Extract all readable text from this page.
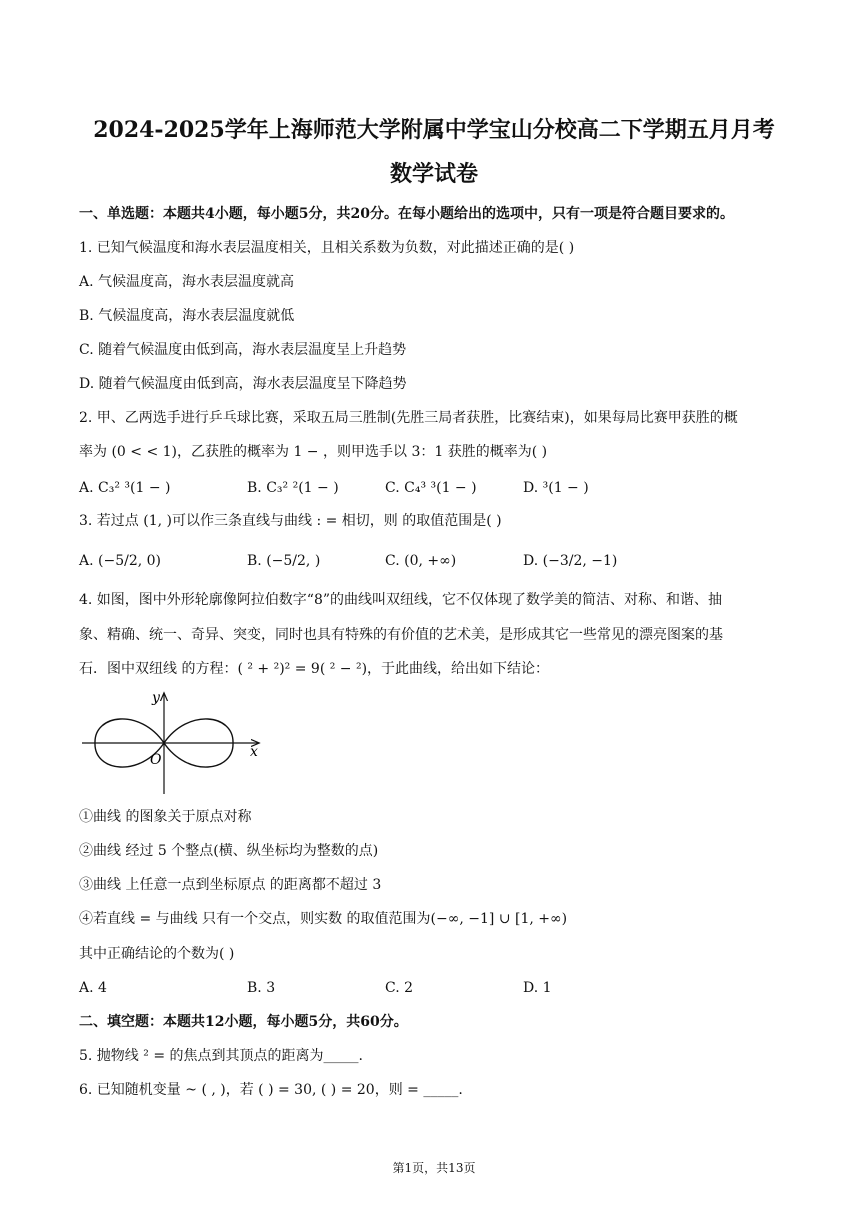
2024-2025学年上海师范大学附属中学宝山分校高二下学期五月月考
数学试卷
一、单选题：本题共4小题，每小题5分，共20分。在每小题给出的选项中，只有一项是符合题目要求的。
1. 已知气候温度和海水表层温度相关，且相关系数为负数，对此描述正确的是( )
A. 气候温度高，海水表层温度就高
B. 气候温度高，海水表层温度就低
C. 随着气候温度由低到高，海水表层温度呈上升趋势
D. 随着气候温度由低到高，海水表层温度呈下降趋势
2. 甲、乙两选手进行乒乓球比赛，采取五局三胜制(先胜三局者获胜，比赛结束)，如果每局比赛甲获胜的概
率为 (0 < < 1)，乙获胜的概率为 1 − ，则甲选手以 3：1 获胜的概率为( )
A. C₃² ³(1 − )	B. C₃² ²(1 − )	C. C₄³ ³(1 − )	D. ³(1 − )
3. 若过点 (1, )可以作三条直线与曲线 : = 相切，则 的取值范围是( )
A. (−5/2, 0)	B. (−5/2, )	C. (0, +∞)	D. (−3/2, −1)
4. 如图，图中外形轮廓像阿拉伯数字“8”的曲线叫双纽线，它不仅体现了数学美的简洁、对称、和谐、抽
象、精确、统一、奇异、突变，同时也具有特殊的有价值的艺术美，是形成其它一些常见的漂亮图案的基
石．图中双纽线 的方程：( ² + ²)² = 9( ² − ²)，于此曲线，给出如下结论：
y
x
O
①曲线 的图象关于原点对称
②曲线 经过 5 个整点(横、纵坐标均为整数的点)
③曲线 上任意一点到坐标原点 的距离都不超过 3
④若直线 = 与曲线 只有一个交点，则实数 的取值范围为(−∞, −1] ∪ [1, +∞)
其中正确结论的个数为( )
A. 4	B. 3	C. 2	D. 1
二、填空题：本题共12小题，每小题5分，共60分。
5. 抛物线 ² = 的焦点到其顶点的距离为_____.
6. 已知随机变量 ~ ( , )，若 ( ) = 30, ( ) = 20，则 = _____.
第1页，共13页
